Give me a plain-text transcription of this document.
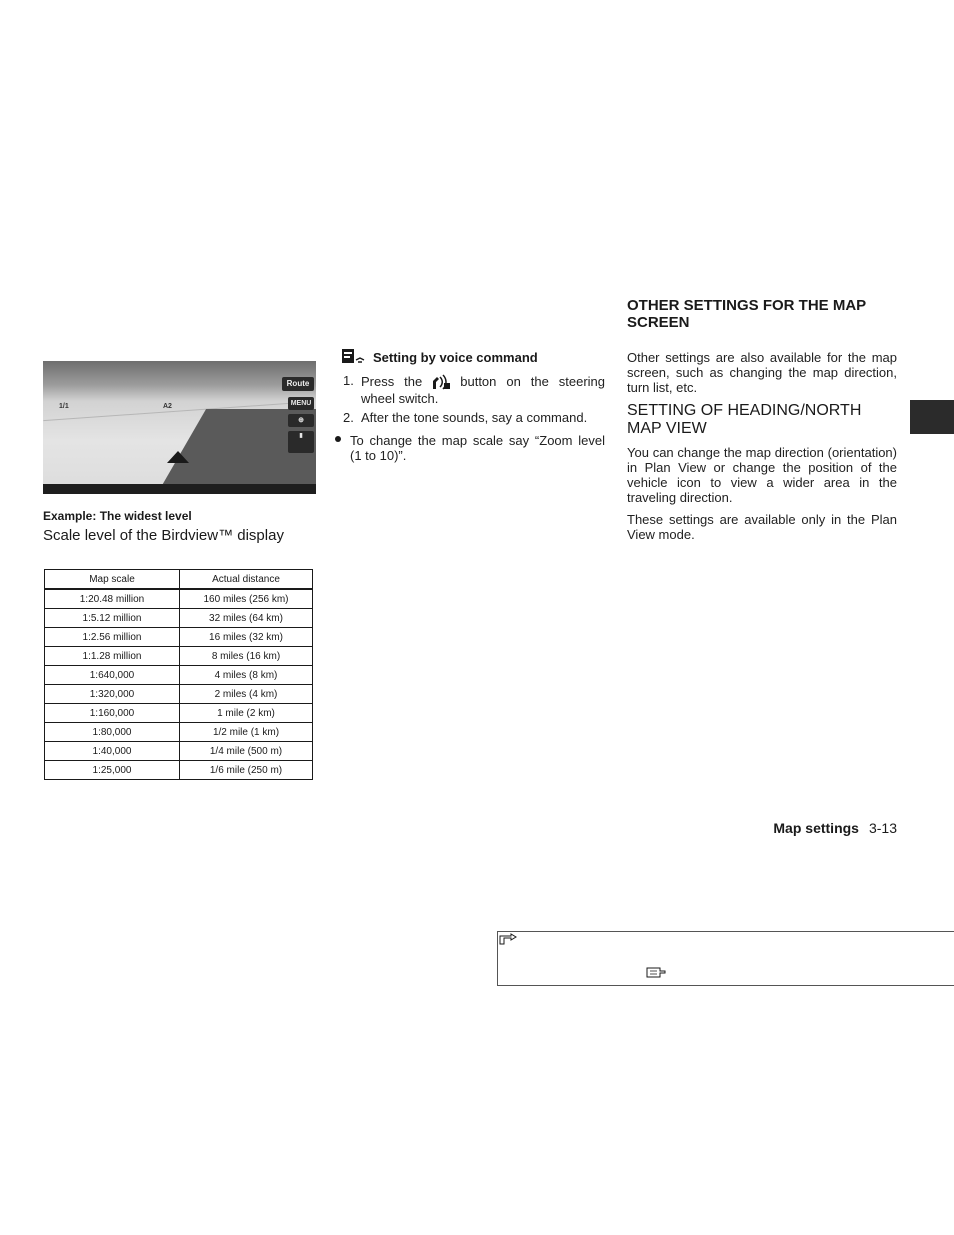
1/1	A2
Route
MENU
⊕
▮
Example: The widest level
Scale level of the Birdview™ display
Map scale	Actual distance
1:20.48 million	160 miles (256 km)
1:5.12 million	32 miles (64 km)
1:2.56 million	16 miles (32 km)
1:1.28 million	8 miles (16 km)
1:640,000	4 miles (8 km)
1:320,000	2 miles (4 km)
1:160,000	1 mile (2 km)
1:80,000	1/2 mile (1 km)
1:40,000	1/4 mile (500 m)
1:25,000	1/6 mile (250 m)
Setting by voice command
1. Press the	button on the steering wheel switch.
2. After the tone sounds, say a command.
To change the map scale say “Zoom level (1 to 10)”.
OTHER SETTINGS FOR THE MAP SCREEN
Other settings are also available for the map screen, such as changing the map direction, turn list, etc.
SETTING OF HEADING/NORTH MAP VIEW
You can change the map direction (orientation) in Plan View or change the position of the vehicle icon to view a wider area in the traveling direction.
These settings are available only in the Plan View mode.
Map settings 3-13
